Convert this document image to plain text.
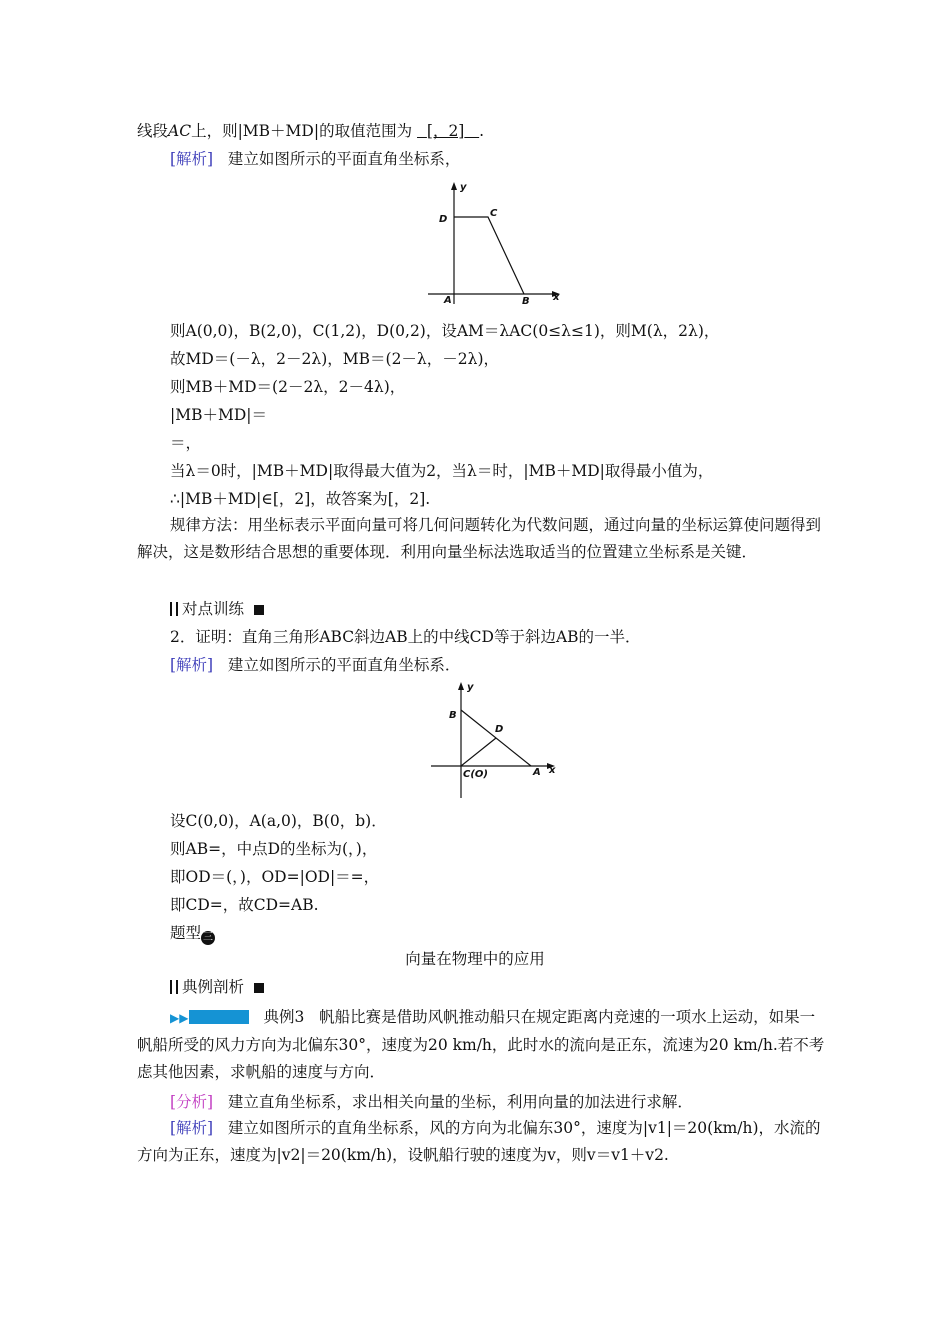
线段AC上，则|MB＋MD|的取值范围为 [，2] .
[解析] 建立如图所示的平面直角坐标系，
y
x
A	B
C
D
则A(0,0)，B(2,0)，C(1,2)，D(0,2)，设AM＝λAC(0≤λ≤1)，则M(λ，2λ)，
故MD＝(－λ，2－2λ)，MB＝(2－λ，－2λ)，
则MB＋MD＝(2－2λ，2－4λ)，
|MB＋MD|＝
＝，
当λ＝0时，|MB＋MD|取得最大值为2，当λ＝时，|MB＋MD|取得最小值为，
∴|MB＋MD|∈[，2]，故答案为[，2].
规律方法：用坐标表示平面向量可将几何问题转化为代数问题，通过向量的坐标运算使问题得到解决，这是数形结合思想的重要体现．利用向量坐标法选取适当的位置建立坐标系是关键．
对点训练
2．证明：直角三角形ABC斜边AB上的中线CD等于斜边AB的一半．
[解析] 建立如图所示的平面直角坐标系．
y
x
A
B
D
C(O)
设C(0,0)，A(a,0)，B(0，b)．
则AB=，中点D的坐标为(，)，
即OD＝(，)，OD=|OD|＝=，
即CD=，故CD=AB.
题型 三
向量在物理中的应用
典例剖析
▶▶	典例3 帆船比赛是借助风帆推动船只在规定距离内竞速的一项水上运动，如果一帆船所受的风力方向为北偏东30°，速度为20 km/h，此时水的流向是正东，流速为20 km/h.若不考虑其他因素，求帆船的速度与方向．
[分析] 建立直角坐标系，求出相关向量的坐标，利用向量的加法进行求解．
[解析] 建立如图所示的直角坐标系，风的方向为北偏东30°，速度为|v1|＝20(km/h)，水流的方向为正东，速度为|v2|＝20(km/h)，设帆船行驶的速度为v，则v＝v1＋v2.
